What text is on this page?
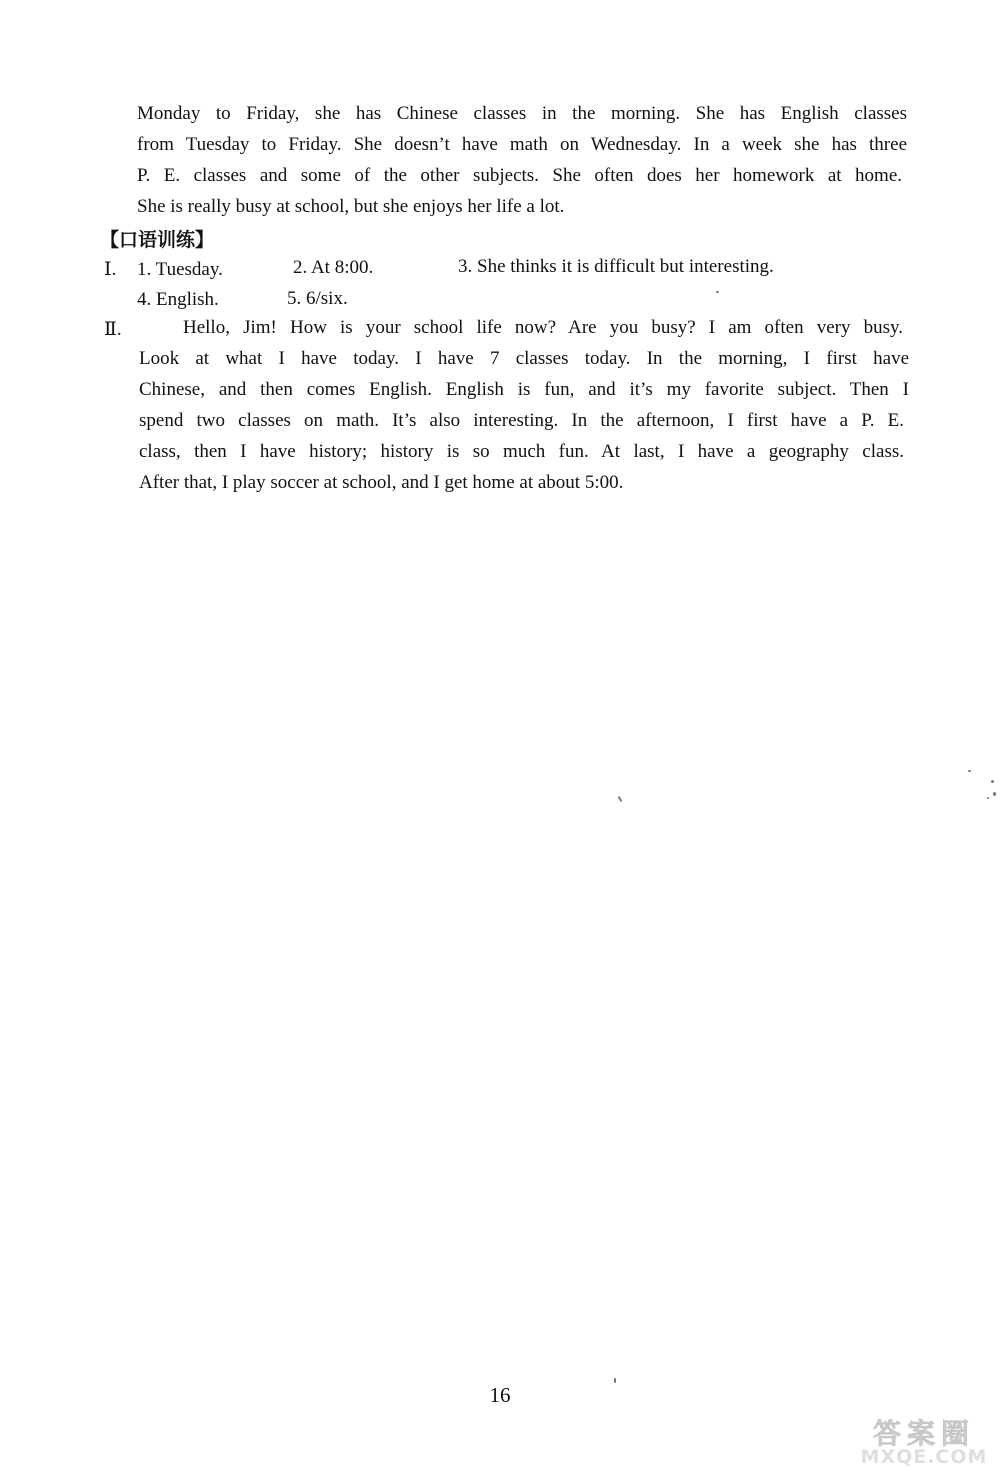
Monday to Friday, she has Chinese classes in the morning. She has English classes
from Tuesday to Friday. She doesn’t have math on Wednesday. In a week she has three
P. E. classes and some of the other subjects. She often does her homework at home.
She is really busy at school, but she enjoys her life a lot.
【口语训练】
Ⅰ. 1. Tuesday.	2. At 8:00.	3. She thinks it is difficult but interesting.
4. English.	5. 6/six.
Ⅱ.	Hello, Jim! How is your school life now? Are you busy? I am often very busy.
Look at what I have today. I have 7 classes today. In the morning, I first have
Chinese, and then comes English. English is fun, and it’s my favorite subject. Then I
spend two classes on math. It’s also interesting. In the afternoon, I first have a P. E.
class, then I have history; history is so much fun. At last, I have a geography class.
After that, I play soccer at school, and I get home at about 5:00.
16
答案圈
MXQE.COM
